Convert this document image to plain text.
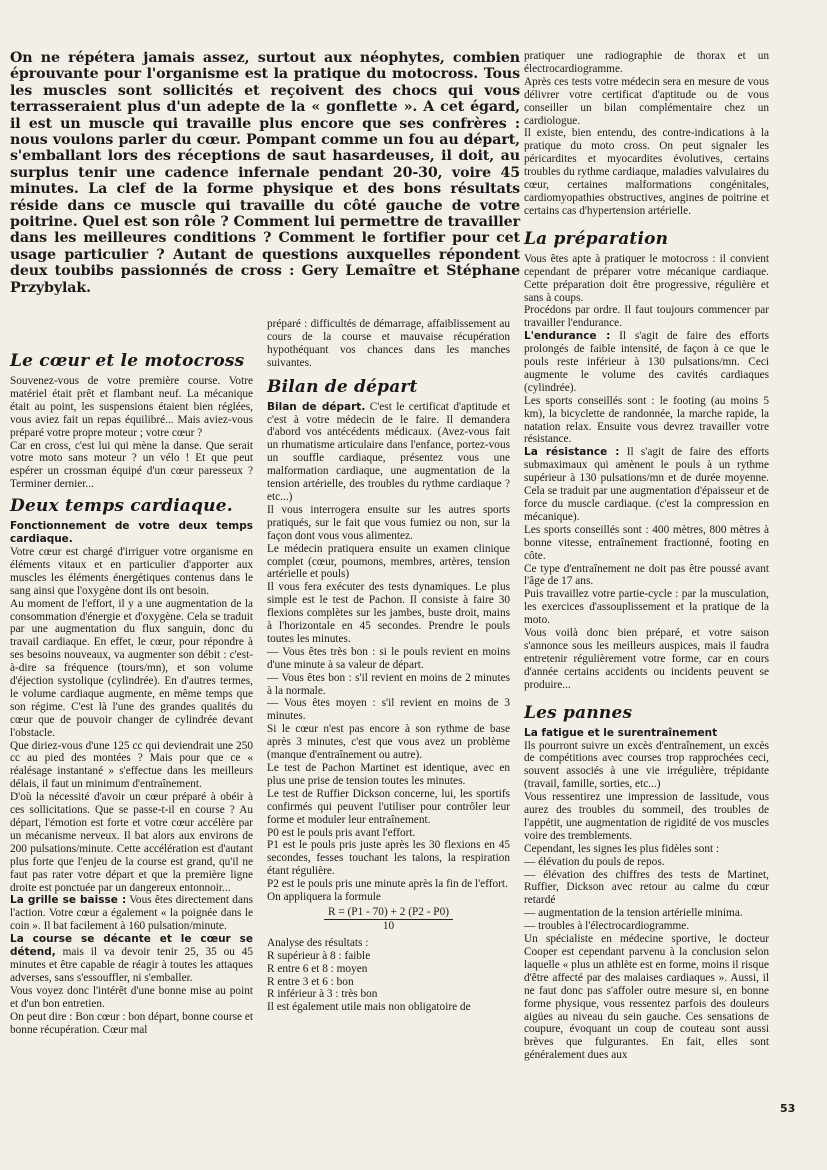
On ne répétera jamais assez, surtout aux néophytes, combien éprouvante pour l'organisme est la pratique du motocross. Tous les muscles sont sollicités et reçoivent des chocs qui vous terrasseraient plus d'un adepte de la « gonflette ». A cet égard, il est un muscle qui travaille plus encore que ses confrères : nous voulons parler du cœur. Pompant comme un fou au départ, s'emballant lors des réceptions de saut hasardeuses, il doit, au surplus tenir une cadence infernale pendant 20-30, voire 45 minutes. La clef de la forme physique et des bons résultats réside dans ce muscle qui travaille du côté gauche de votre poitrine. Quel est son rôle ? Comment lui permettre de travailler dans les meilleures conditions ? Comment le fortifier pour cet usage particulier ? Autant de questions auxquelles répondent deux toubibs passionnés de cross : Gery Lemaître et Stéphane Przybylak.
Le cœur et le motocross

Souvenez-vous de votre première course. Votre matériel était prêt et flambant neuf. La mécanique était au point, les suspensions étaient bien réglées, vous aviez fait un repas équilibré... Mais aviez-vous préparé votre propre moteur ; votre cœur ?

Car en cross, c'est lui qui mène la danse. Que serait votre moto sans moteur ? un vélo ! Et que peut espérer un crossman équipé d'un cœur paresseux ? Terminer dernier...

Deux temps cardiaque.

Fonctionnement de votre deux temps cardiaque.

Votre cœur est chargé d'irriguer votre organisme en éléments vitaux et en particulier d'apporter aux muscles les éléments énergétiques contenus dans le sang ainsi que l'oxygène dont ils ont besoin.

Au moment de l'effort, il y a une augmentation de la consommation d'énergie et d'oxygène. Cela se traduit par une augmentation du flux sanguin, donc du travail cardiaque. En effet, le cœur, pour répondre à ses besoins nouveaux, va augmenter son débit : c'est-à-dire sa fréquence (tours/mn), et son volume d'éjection systolique (cylindrée). En d'autres termes, le volume cardiaque augmente, en même temps que son régime. C'est là l'une des grandes qualités du cœur que de pouvoir changer de cylindrée devant l'obstacle.

Que diriez-vous d'une 125 cc qui deviendrait une 250 cc au pied des montées ? Mais pour que ce « réalésage instantané » s'effectue dans les meilleurs délais, il faut un minimum d'entraînement.

D'où la nécessité d'avoir un cœur préparé à obéir à ces sollicitations. Que se passe-t-il en course ? Au départ, l'émotion est forte et votre cœur accélère par un mécanisme nerveux. Il bat alors aux environs de 200 pulsations/minute. Cette accélération est d'autant plus forte que l'enjeu de la course est grand, qu'il ne faut pas rater votre départ et que la première ligne droite est ponctuée par un dangereux entonnoir...

La grille se baisse : Vous êtes directement dans l'action. Votre cœur a également « la poignée dans le coin ». Il bat facilement à 160 pulsation/minute.

La course se décante et le cœur se détend, mais il va devoir tenir 25, 35 ou 45 minutes et être capable de réagir à toutes les attaques adverses, sans s'essouffler, ni s'emballer.

Vous voyez donc l'intérêt d'une bonne mise au point et d'un bon entretien.

On peut dire : Bon cœur : bon départ, bonne course et bonne récupération. Cœur mal

préparé : difficultés de démarrage, affaiblissement au cours de la course et mauvaise récupération hypothéquant vos chances dans les manches suivantes.

Bilan de départ

Bilan de départ. C'est le certificat d'aptitude et c'est à votre médecin de le faire. Il demandera d'abord vos antécédents médicaux. (Avez-vous fait un rhumatisme articulaire dans l'enfance, portez-vous un souffle cardiaque, présentez vous une malformation cardiaque, une augmentation de la tension artérielle, des troubles du rythme cardiaque ? etc...)

Il vous interrogera ensuite sur les autres sports pratiqués, sur le fait que vous fumiez ou non, sur la façon dont vous vous alimentez.

Le médecin pratiquera ensuite un examen clinique complet (cœur, poumons, membres, artères, tension artérielle et pouls)

Il vous fera exécuter des tests dynamiques. Le plus simple est le test de Pachon. Il consiste à faire 30 flexions complètes sur les jambes, buste droit, mains à l'horizontale en 45 secondes. Prendre le pouls toutes les minutes.

— Vous êtes très bon : si le pouls revient en moins d'une minute à sa valeur de départ.

— Vous êtes bon : s'il revient en moins de 2 minutes à la normale.

— Vous êtes moyen : s'il revient en moins de 3 minutes.

Si le cœur n'est pas encore à son rythme de base après 3 minutes, c'est que vous avez un problème (manque d'entraînement ou autre).

Le test de Pachon Martinet est identique, avec en plus une prise de tension toutes les minutes.

Le test de Ruffier Dickson concerne, lui, les sportifs confirmés qui peuvent l'utiliser pour contrôler leur forme et moduler leur entraînement.

P0 est le pouls pris avant l'effort.

P1 est le pouls pris juste après les 30 flexions en 45 secondes, fesses touchant les talons, la respiration étant régulière.

P2 est le pouls pris une minute après la fin de l'effort.

On appliquera la formule

R = (P1 - 70) + 2 (P2 - P0)
10

Analyse des résultats :

R supérieur à 8 : faible

R entre 6 et 8 : moyen

R entre 3 et 6 : bon

R inférieur à 3 : très bon

Il est également utile mais non obligatoire de

pratiquer une radiographie de thorax et un électrocardiogramme.

Après ces tests votre médecin sera en mesure de vous délivrer votre certificat d'aptitude ou de vous conseiller un bilan complémentaire chez un cardiologue.

Il existe, bien entendu, des contre-indications à la pratique du moto cross. On peut signaler les péricardites et myocardites évolutives, certains troubles du rythme cardiaque, maladies valvulaires du cœur, certaines malformations congénitales, cardiomyopathies obstructives, angines de poitrine et certains cas d'hypertension artérielle.

La préparation

Vous êtes apte à pratiquer le motocross : il convient cependant de préparer votre mécanique cardiaque. Cette préparation doit être progressive, régulière et sans à coups.

Procédons par ordre. Il faut toujours commencer par travailler l'endurance.

L'endurance : Il s'agit de faire des efforts prolongés de faible intensité, de façon à ce que le pouls reste inférieur à 130 pulsations/mn. Ceci augmente le volume des cavités cardiaques (cylindrée).

Les sports conseillés sont : le footing (au moins 5 km), la bicyclette de randonnée, la marche rapide, la natation relax. Ensuite vous devrez travailler votre résistance.

La résistance : Il s'agit de faire des efforts submaximaux qui amènent le pouls à un rythme supérieur à 130 pulsations/mn et de durée moyenne. Cela se traduit par une augmentation d'épaisseur et de force du muscle cardiaque. (c'est la compression en mécanique).

Les sports conseillés sont : 400 mètres, 800 mètres à bonne vitesse, entraînement fractionné, footing en côte.

Ce type d'entraînement ne doit pas être poussé avant l'âge de 17 ans.

Puis travaillez votre partie-cycle : par la musculation, les exercices d'assouplissement et la pratique de la moto.

Vous voilà donc bien préparé, et votre saison s'annonce sous les meilleurs auspices, mais il faudra entretenir régulièrement votre forme, car en cours d'année certains accidents ou incidents peuvent se produire...

Les pannes

La fatigue et le surentraînement

Ils pourront suivre un excès d'entraînement, un excès de compétitions avec courses trop rapprochées ceci, souvent associés à une vie irrégulière, trépidante (travail, famille, sorties, etc...)

Vous ressentirez une impression de lassitude, vous aurez des troubles du sommeil, des troubles de l'appétit, une augmentation de rigidité de vos muscles voire des tremblements.

Cependant, les signes les plus fidèles sont :

— élévation du pouls de repos.

— élévation des chiffres des tests de Martinet, Ruffier, Dickson avec retour au calme du cœur retardé

— augmentation de la tension artérielle minima.

— troubles à l'électrocardiogramme.

Un spécialiste en médecine sportive, le docteur Cooper est cependant parvenu à la conclusion selon laquelle « plus un athlète est en forme, moins il risque d'être affecté par des malaises cardiaques ». Aussi, il ne faut donc pas s'affoler outre mesure si, en bonne forme physique, vous ressentez parfois des douleurs aigües au niveau du sein gauche. Ces sensations de coupure, évoquant un coup de couteau sont aussi brèves que fulgurantes. En fait, elles sont généralement dues aux

53
